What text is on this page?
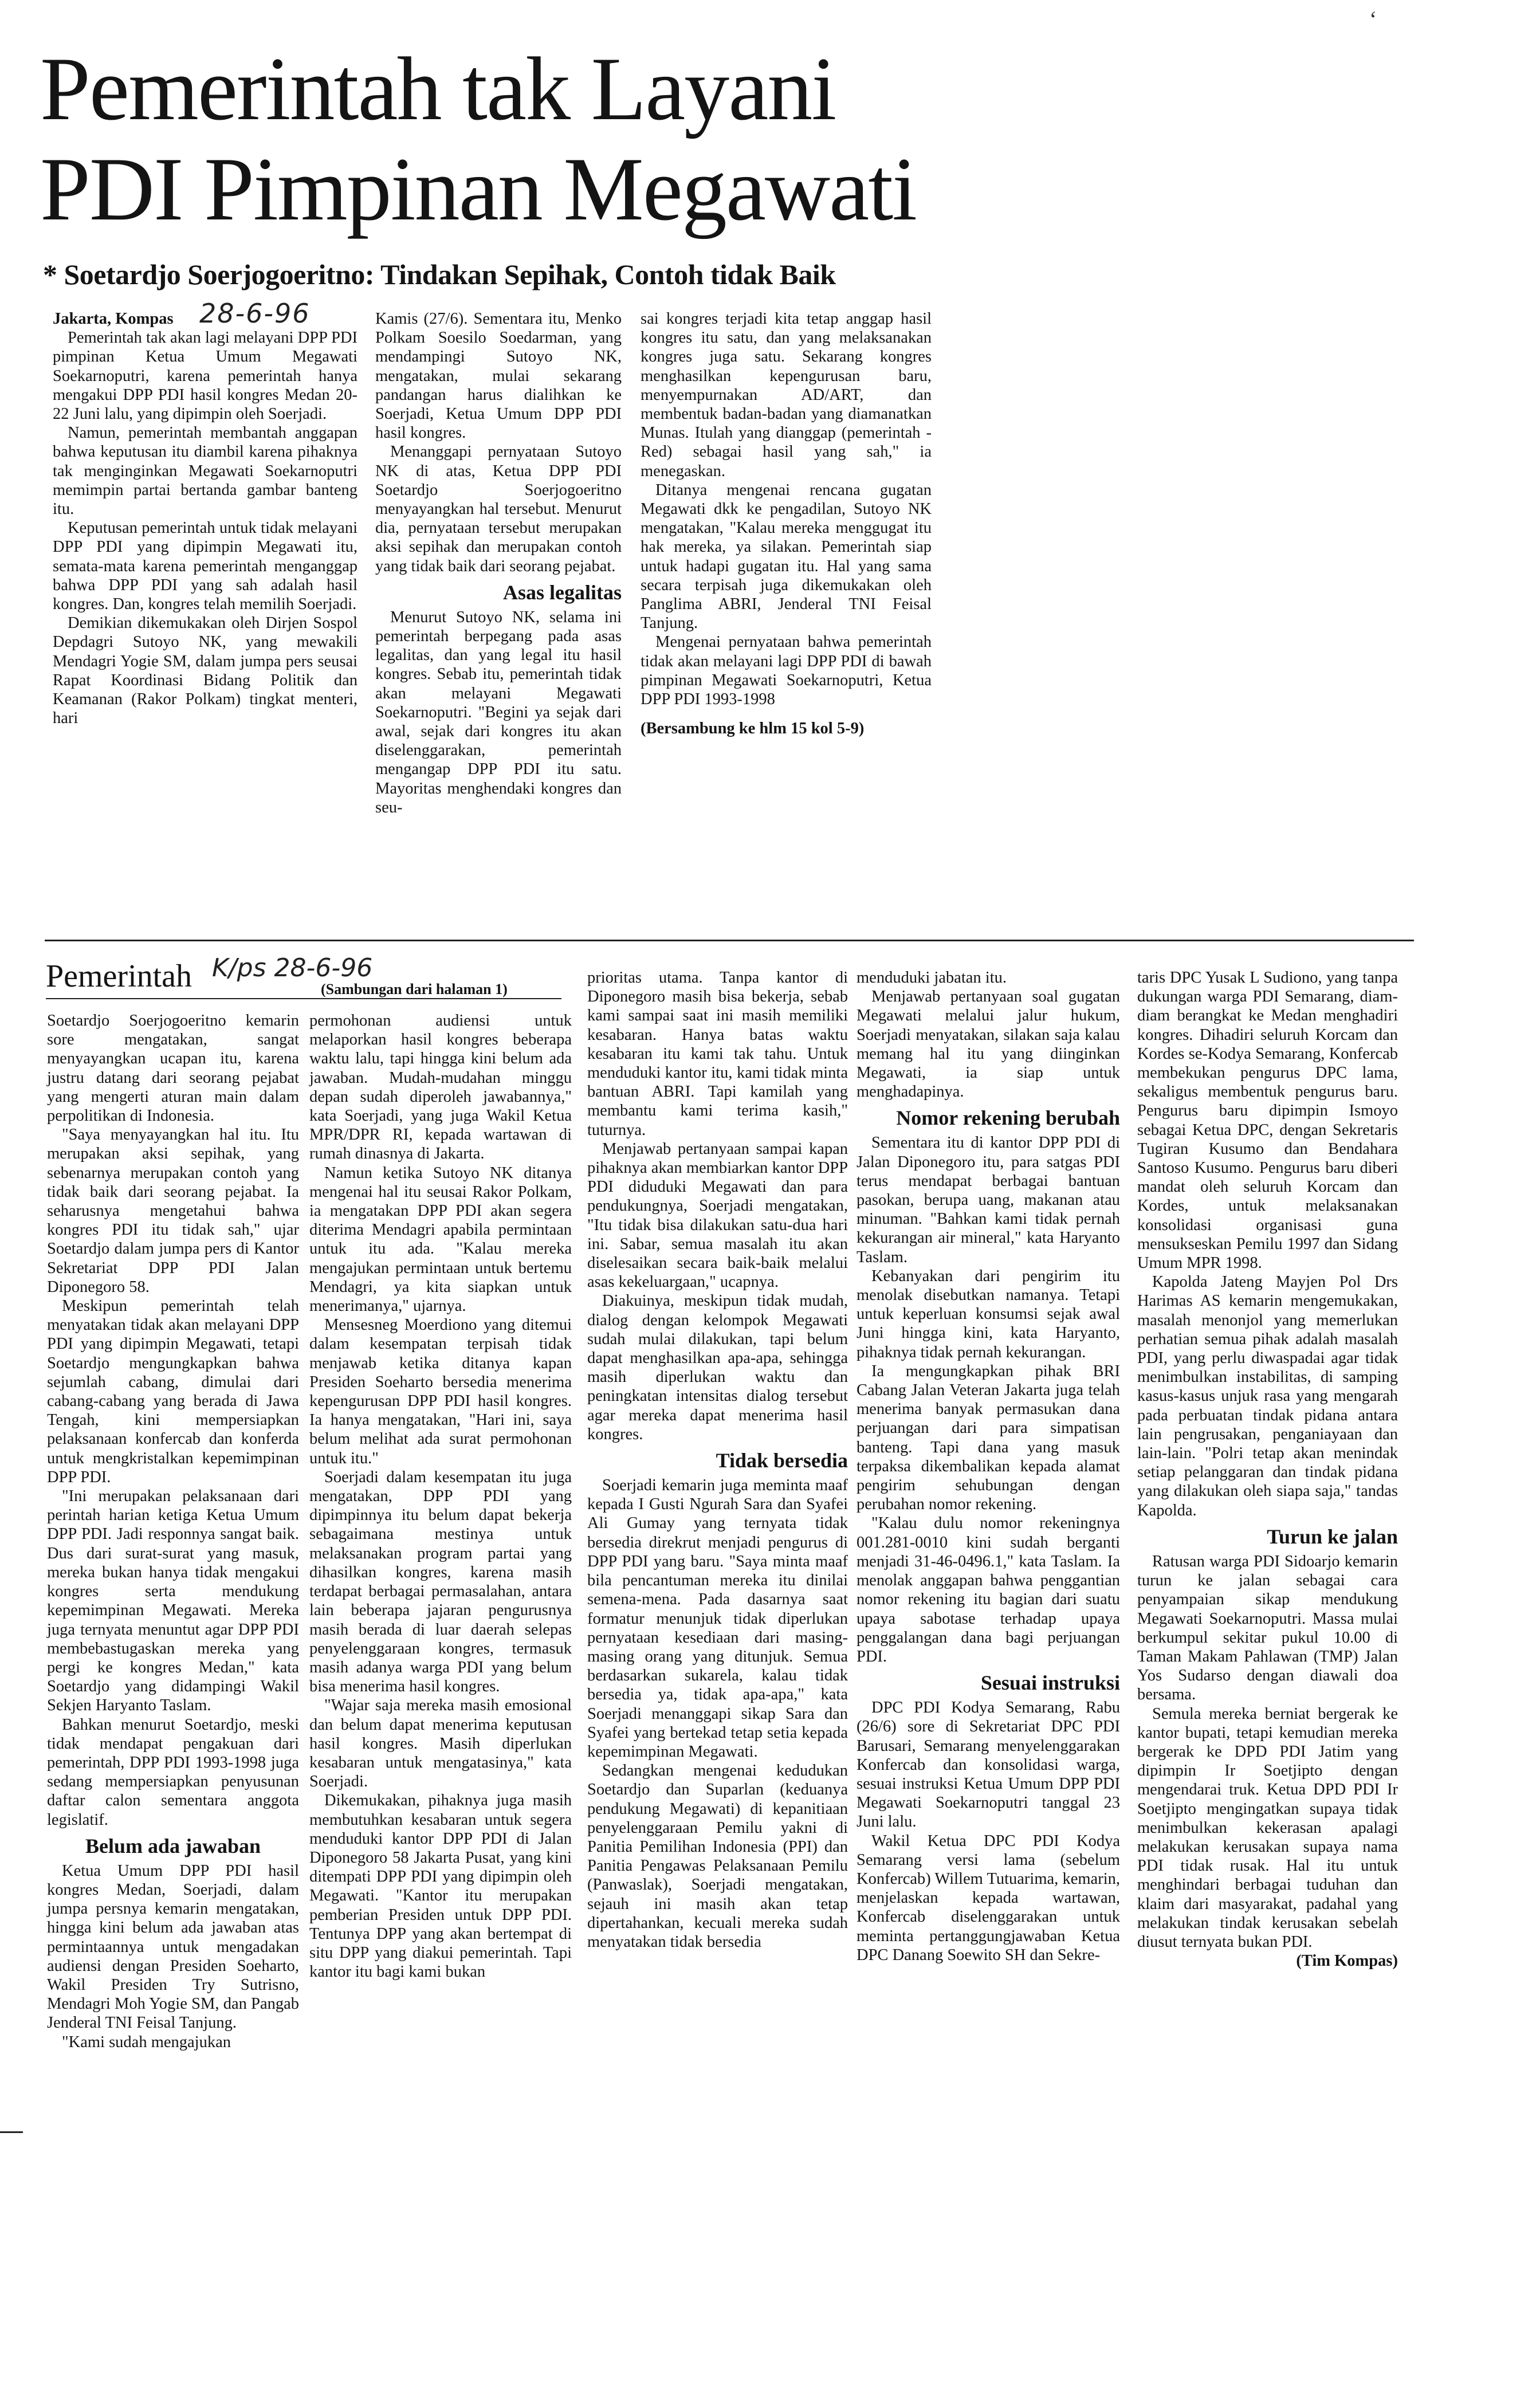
Pemerintah tak Layani
PDI Pimpinan Megawati
* Soetardjo Soerjogoeritno: Tindakan Sepihak, Contoh tidak Baik

Jakarta, Kompas

Pemerintah tak akan lagi melayani DPP PDI pimpinan Ketua Umum Megawati Soekarnoputri, karena pemerintah hanya mengakui DPP PDI hasil kongres Medan 20-22 Juni lalu, yang dipimpin oleh Soerjadi.

Namun, pemerintah membantah anggapan bahwa keputusan itu diambil karena pihaknya tak menginginkan Megawati Soekarnoputri memimpin partai bertanda gambar banteng itu.

Keputusan pemerintah untuk tidak melayani DPP PDI yang dipimpin Megawati itu, semata-mata karena pemerintah menganggap bahwa DPP PDI yang sah adalah hasil kongres. Dan, kongres telah memilih Soerjadi.

Demikian dikemukakan oleh Dirjen Sospol Depdagri Sutoyo NK, yang mewakili Mendagri Yogie SM, dalam jumpa pers seusai Rapat Koordinasi Bidang Politik dan Keamanan (Rakor Polkam) tingkat menteri, hari

28-6-96	Kamis (27/6). Sementara itu, Menko Polkam Soesilo Soedarman, yang mendampingi Sutoyo NK, mengatakan, mulai sekarang pandangan harus dialihkan ke Soerjadi, Ketua Umum DPP PDI hasil kongres.

Menanggapi pernyataan Sutoyo NK di atas, Ketua DPP PDI Soetardjo Soerjogoeritno menyayangkan hal tersebut. Menurut dia, pernyataan tersebut merupakan aksi sepihak dan merupakan contoh yang tidak baik dari seorang pejabat.

Asas legalitas

Menurut Sutoyo NK, selama ini pemerintah berpegang pada asas legalitas, dan yang legal itu hasil kongres. Sebab itu, pemerintah tidak akan melayani Megawati Soekarnoputri. "Begini ya sejak dari awal, sejak dari kongres itu akan diselenggarakan, pemerintah mengangap DPP PDI itu satu. Mayoritas menghendaki kongres dan seu-

sai kongres terjadi kita tetap anggap hasil kongres itu satu, dan yang melaksanakan kongres juga satu. Sekarang kongres menghasilkan kepengurusan baru, menyempurnakan AD/ART, dan membentuk badan-badan yang diamanatkan Munas. Itulah yang dianggap (pemerintah - Red) sebagai hasil yang sah," ia menegaskan.

Ditanya mengenai rencana gugatan Megawati dkk ke pengadilan, Sutoyo NK mengatakan, "Kalau mereka menggugat itu hak mereka, ya silakan. Pemerintah siap untuk hadapi gugatan itu. Hal yang sama secara terpisah juga dikemukakan oleh Panglima ABRI, Jenderal TNI Feisal Tanjung.

Mengenai pernyataan bahwa pemerintah tidak akan melayani lagi DPP PDI di bawah pimpinan Megawati Soekarnoputri, Ketua DPP PDI 1993-1998

(Bersambung ke hlm 15 kol 5-9)

Pemerintah K/ps 28-6-96
(Sambungan dari halaman 1)

Soetardjo Soerjogoeritno kemarin sore mengatakan, sangat menyayangkan ucapan itu, karena justru datang dari seorang pejabat yang mengerti aturan main dalam perpolitikan di Indonesia.

"Saya menyayangkan hal itu. Itu merupakan aksi sepihak, yang sebenarnya merupakan contoh yang tidak baik dari seorang pejabat. Ia seharusnya mengetahui bahwa kongres PDI itu tidak sah," ujar Soetardjo dalam jumpa pers di Kantor Sekretariat DPP PDI Jalan Diponegoro 58.

Meskipun pemerintah telah menyatakan tidak akan melayani DPP PDI yang dipimpin Megawati, tetapi Soetardjo mengungkapkan bahwa sejumlah cabang, dimulai dari cabang-cabang yang berada di Jawa Tengah, kini mempersiapkan pelaksanaan konfercab dan konferda untuk mengkristalkan kepemimpinan DPP PDI.

"Ini merupakan pelaksanaan dari perintah harian ketiga Ketua Umum DPP PDI. Jadi responnya sangat baik. Dus dari surat-surat yang masuk, mereka bukan hanya tidak mengakui kongres serta mendukung kepemimpinan Megawati. Mereka juga ternyata menuntut agar DPP PDI membebastugaskan mereka yang pergi ke kongres Medan," kata Soetardjo yang didampingi Wakil Sekjen Haryanto Taslam.

Bahkan menurut Soetardjo, meski tidak mendapat pengakuan dari pemerintah, DPP PDI 1993-1998 juga sedang mempersiapkan penyusunan daftar calon sementara anggota legislatif.

Belum ada jawaban

Ketua Umum DPP PDI hasil kongres Medan, Soerjadi, dalam jumpa persnya kemarin mengatakan, hingga kini belum ada jawaban atas permintaannya untuk mengadakan audiensi dengan Presiden Soeharto, Wakil Presiden Try Sutrisno, Mendagri Moh Yogie SM, dan Pangab Jenderal TNI Feisal Tanjung.

"Kami sudah mengajukan

permohonan audiensi untuk melaporkan hasil kongres beberapa waktu lalu, tapi hingga kini belum ada jawaban. Mudah-mudahan minggu depan sudah diperoleh jawabannya," kata Soerjadi, yang juga Wakil Ketua MPR/DPR RI, kepada wartawan di rumah dinasnya di Jakarta.

Namun ketika Sutoyo NK ditanya mengenai hal itu seusai Rakor Polkam, ia mengatakan DPP PDI akan segera diterima Mendagri apabila permintaan untuk itu ada. "Kalau mereka mengajukan permintaan untuk bertemu Mendagri, ya kita siapkan untuk menerimanya," ujarnya.

Mensesneg Moerdiono yang ditemui dalam kesempatan terpisah tidak menjawab ketika ditanya kapan Presiden Soeharto bersedia menerima kepengurusan DPP PDI hasil kongres. Ia hanya mengatakan, "Hari ini, saya belum melihat ada surat permohonan untuk itu."

Soerjadi dalam kesempatan itu juga mengatakan, DPP PDI yang dipimpinnya itu belum dapat bekerja sebagaimana mestinya untuk melaksanakan program partai yang dihasilkan kongres, karena masih terdapat berbagai permasalahan, antara lain beberapa jajaran pengurusnya masih berada di luar daerah selepas penyelenggaraan kongres, termasuk masih adanya warga PDI yang belum bisa menerima hasil kongres.

"Wajar saja mereka masih emosional dan belum dapat menerima keputusan hasil kongres. Masih diperlukan kesabaran untuk mengatasinya," kata Soerjadi.

Dikemukakan, pihaknya juga masih membutuhkan kesabaran untuk segera menduduki kantor DPP PDI di Jalan Diponegoro 58 Jakarta Pusat, yang kini ditempati DPP PDI yang dipimpin oleh Megawati. "Kantor itu merupakan pemberian Presiden untuk DPP PDI. Tentunya DPP yang akan bertempat di situ DPP yang diakui pemerintah. Tapi kantor itu bagi kami bukan

prioritas utama. Tanpa kantor di Diponegoro masih bisa bekerja, sebab kami sampai saat ini masih memiliki kesabaran. Hanya batas waktu kesabaran itu kami tak tahu. Untuk menduduki kantor itu, kami tidak minta bantuan ABRI. Tapi kamilah yang membantu kami terima kasih," tuturnya.

Menjawab pertanyaan sampai kapan pihaknya akan membiarkan kantor DPP PDI diduduki Megawati dan para pendukungnya, Soerjadi mengatakan, "Itu tidak bisa dilakukan satu-dua hari ini. Sabar, semua masalah itu akan diselesaikan secara baik-baik melalui asas kekeluargaan," ucapnya.

Diakuinya, meskipun tidak mudah, dialog dengan kelompok Megawati sudah mulai dilakukan, tapi belum dapat menghasilkan apa-apa, sehingga masih diperlukan waktu dan peningkatan intensitas dialog tersebut agar mereka dapat menerima hasil kongres.

Tidak bersedia

Soerjadi kemarin juga meminta maaf kepada I Gusti Ngurah Sara dan Syafei Ali Gumay yang ternyata tidak bersedia direkrut menjadi pengurus di DPP PDI yang baru. "Saya minta maaf bila pencantuman mereka itu dinilai semena-mena. Pada dasarnya saat formatur menunjuk tidak diperlukan pernyataan kesediaan dari masing-masing orang yang ditunjuk. Semua berdasarkan sukarela, kalau tidak bersedia ya, tidak apa-apa," kata Soerjadi menanggapi sikap Sara dan Syafei yang bertekad tetap setia kepada kepemimpinan Megawati.

Sedangkan mengenai kedudukan Soetardjo dan Suparlan (keduanya pendukung Megawati) di kepanitiaan penyelenggaraan Pemilu yakni di Panitia Pemilihan Indonesia (PPI) dan Panitia Pengawas Pelaksanaan Pemilu (Panwaslak), Soerjadi mengatakan, sejauh ini masih akan tetap dipertahankan, kecuali mereka sudah menyatakan tidak bersedia

menduduki jabatan itu.

Menjawab pertanyaan soal gugatan Megawati melalui jalur hukum, Soerjadi menyatakan, silakan saja kalau memang hal itu yang diinginkan Megawati, ia siap untuk menghadapinya.

Nomor rekening berubah

Sementara itu di kantor DPP PDI di Jalan Diponegoro itu, para satgas PDI terus mendapat berbagai bantuan pasokan, berupa uang, makanan atau minuman. "Bahkan kami tidak pernah kekurangan air mineral," kata Haryanto Taslam.

Kebanyakan dari pengirim itu menolak disebutkan namanya. Tetapi untuk keperluan konsumsi sejak awal Juni hingga kini, kata Haryanto, pihaknya tidak pernah kekurangan.

Ia mengungkapkan pihak BRI Cabang Jalan Veteran Jakarta juga telah menerima banyak permasukan dana perjuangan dari para simpatisan banteng. Tapi dana yang masuk terpaksa dikembalikan kepada alamat pengirim sehubungan dengan perubahan nomor rekening.

"Kalau dulu nomor rekeningnya 001.281-0010 kini sudah berganti menjadi 31-46-0496.1," kata Taslam. Ia menolak anggapan bahwa penggantian nomor rekening itu bagian dari suatu upaya sabotase terhadap upaya penggalangan dana bagi perjuangan PDI.

Sesuai instruksi

DPC PDI Kodya Semarang, Rabu (26/6) sore di Sekretariat DPC PDI Barusari, Semarang menyelenggarakan Konfercab dan konsolidasi warga, sesuai instruksi Ketua Umum DPP PDI Megawati Soekarnoputri tanggal 23 Juni lalu.

Wakil Ketua DPC PDI Kodya Semarang versi lama (sebelum Konfercab) Willem Tutuarima, kemarin, menjelaskan kepada wartawan, Konfercab diselenggarakan untuk meminta pertanggungjawaban Ketua DPC Danang Soewito SH dan Sekre-

taris DPC Yusak L Sudiono, yang tanpa dukungan warga PDI Semarang, diam-diam berangkat ke Medan menghadiri kongres. Dihadiri seluruh Korcam dan Kordes se-Kodya Semarang, Konfercab membekukan pengurus DPC lama, sekaligus membentuk pengurus baru. Pengurus baru dipimpin Ismoyo sebagai Ketua DPC, dengan Sekretaris Tugiran Kusumo dan Bendahara Santoso Kusumo. Pengurus baru diberi mandat oleh seluruh Korcam dan Kordes, untuk melaksanakan konsolidasi organisasi guna mensukseskan Pemilu 1997 dan Sidang Umum MPR 1998.

Kapolda Jateng Mayjen Pol Drs Harimas AS kemarin mengemukakan, masalah menonjol yang memerlukan perhatian semua pihak adalah masalah PDI, yang perlu diwaspadai agar tidak menimbulkan instabilitas, di samping kasus-kasus unjuk rasa yang mengarah pada perbuatan tindak pidana antara lain pengrusakan, penganiayaan dan lain-lain. "Polri tetap akan menindak setiap pelanggaran dan tindak pidana yang dilakukan oleh siapa saja," tandas Kapolda.

Turun ke jalan

Ratusan warga PDI Sidoarjo kemarin turun ke jalan sebagai cara penyampaian sikap mendukung Megawati Soekarnoputri. Massa mulai berkumpul sekitar pukul 10.00 di Taman Makam Pahlawan (TMP) Jalan Yos Sudarso dengan diawali doa bersama.

Semula mereka berniat bergerak ke kantor bupati, tetapi kemudian mereka bergerak ke DPD PDI Jatim yang dipimpin Ir Soetjipto dengan mengendarai truk. Ketua DPD PDI Ir Soetjipto mengingatkan supaya tidak menimbulkan kekerasan apalagi melakukan kerusakan supaya nama PDI tidak rusak. Hal itu untuk menghindari berbagai tuduhan dan klaim dari masyarakat, padahal yang melakukan tindak kerusakan sebelah diusut ternyata bukan PDI.

(Tim Kompas)

‘
